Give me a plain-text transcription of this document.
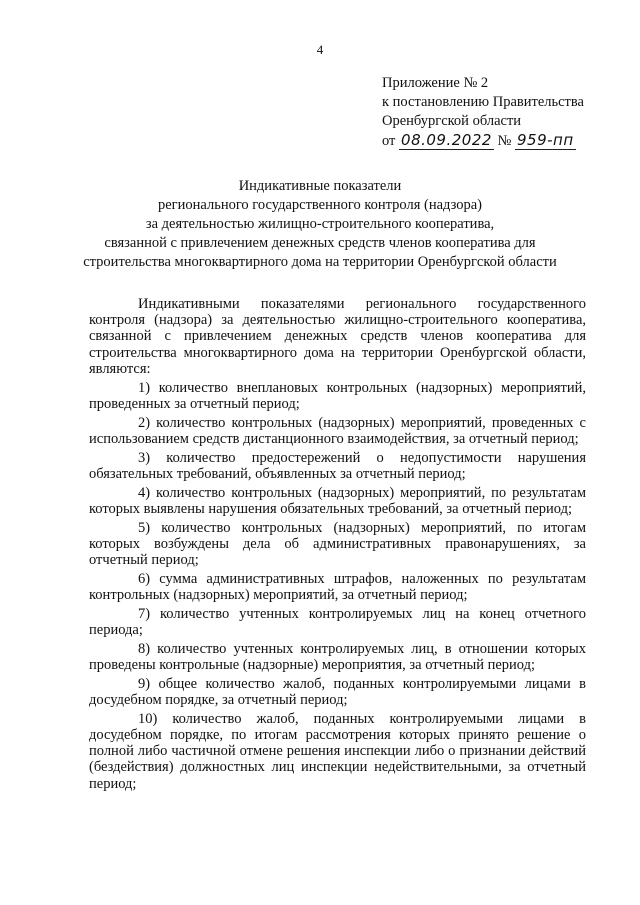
4
Приложение № 2
к постановлению Правительства
Оренбургской области
от 08.09.2022 № 959-пп
Индикативные показатели
регионального государственного контроля (надзора)
за деятельностью жилищно-строительного кооператива,
связанной с привлечением денежных средств членов кооператива для
строительства многоквартирного дома на территории Оренбургской области

Индикативными показателями регионального государственного контроля (надзора) за деятельностью жилищно-строительного кооператива, связанной с привлечением денежных средств членов кооператива для строительства многоквартирного дома на территории Оренбургской области, являются:

1) количество внеплановых контрольных (надзорных) мероприятий, проведенных за отчетный период;

2) количество контрольных (надзорных) мероприятий, проведенных с использованием средств дистанционного взаимодействия, за отчетный период;

3) количество предостережений о недопустимости нарушения обязательных требований, объявленных за отчетный период;

4) количество контрольных (надзорных) мероприятий, по результатам которых выявлены нарушения обязательных требований, за отчетный период;

5) количество контрольных (надзорных) мероприятий, по итогам которых возбуждены дела об административных правонарушениях, за отчетный период;

6) сумма административных штрафов, наложенных по результатам контрольных (надзорных) мероприятий, за отчетный период;

7) количество учтенных контролируемых лиц на конец отчетного периода;

8) количество учтенных контролируемых лиц, в отношении которых проведены контрольные (надзорные) мероприятия, за отчетный период;

9) общее количество жалоб, поданных контролируемыми лицами в досудебном порядке, за отчетный период;

10) количество жалоб, поданных контролируемыми лицами в досудебном порядке, по итогам рассмотрения которых принято решение о полной либо частичной отмене решения инспекции либо о признании действий (бездействия) должностных лиц инспекции недействительными, за отчетный период;
